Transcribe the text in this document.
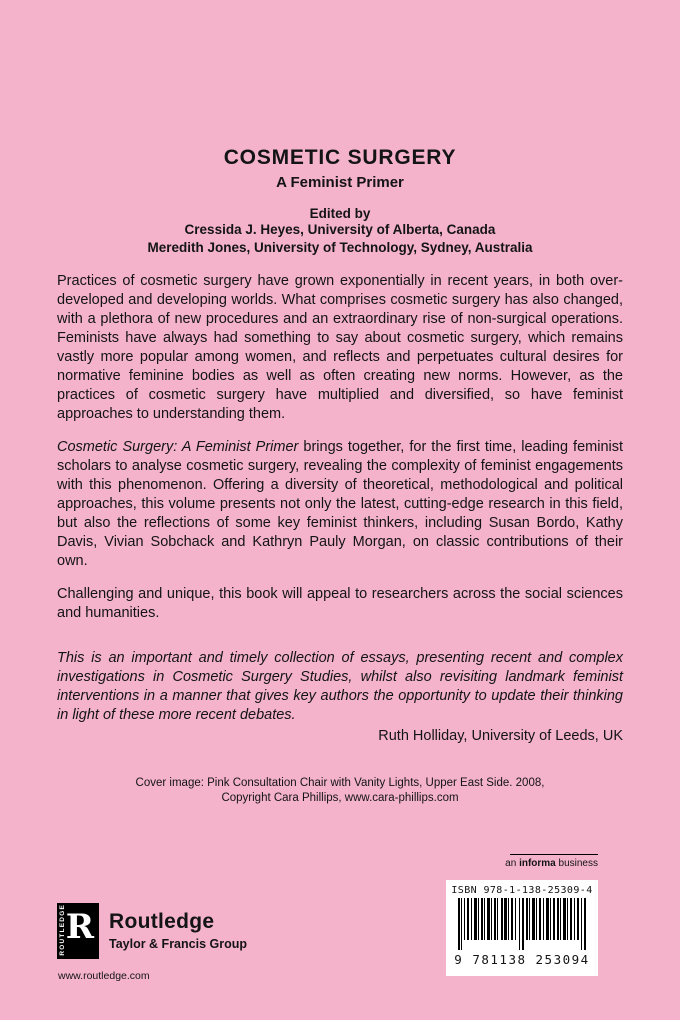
COSMETIC SURGERY
A Feminist Primer
Edited by
Cressida J. Heyes, University of Alberta, Canada
Meredith Jones, University of Technology, Sydney, Australia

Practices of cosmetic surgery have grown exponentially in recent years, in both over-developed and developing worlds. What comprises cosmetic surgery has also changed, with a plethora of new procedures and an extraordinary rise of non-surgical operations. Feminists have always had something to say about cosmetic surgery, which remains vastly more popular among women, and reflects and perpetuates cultural desires for normative feminine bodies as well as often creating new norms. However, as the practices of cosmetic surgery have multiplied and diversified, so have feminist approaches to understanding them.

Cosmetic Surgery: A Feminist Primer brings together, for the first time, leading feminist scholars to analyse cosmetic surgery, revealing the complexity of feminist engagements with this phenomenon. Offering a diversity of theoretical, methodological and political approaches, this volume presents not only the latest, cutting-edge research in this field, but also the reflections of some key feminist thinkers, including Susan Bordo, Kathy Davis, Vivian Sobchack and Kathryn Pauly Morgan, on classic contributions of their own.

Challenging and unique, this book will appeal to researchers across the social sciences and humanities.

This is an important and timely collection of essays, presenting recent and complex investigations in Cosmetic Surgery Studies, whilst also revisiting landmark feminist interventions in a manner that gives key authors the opportunity to update their thinking in light of these more recent debates.

Ruth Holliday, University of Leeds, UK
Cover image: Pink Consultation Chair with Vanity Lights, Upper East Side. 2008,
Copyright Cara Phillips, www.cara-phillips.com
an informa business
ISBN 978-1-138-25309-4
9 781138 253094
ROUTLEDGE R Routledge
Taylor & Francis Group
www.routledge.com
